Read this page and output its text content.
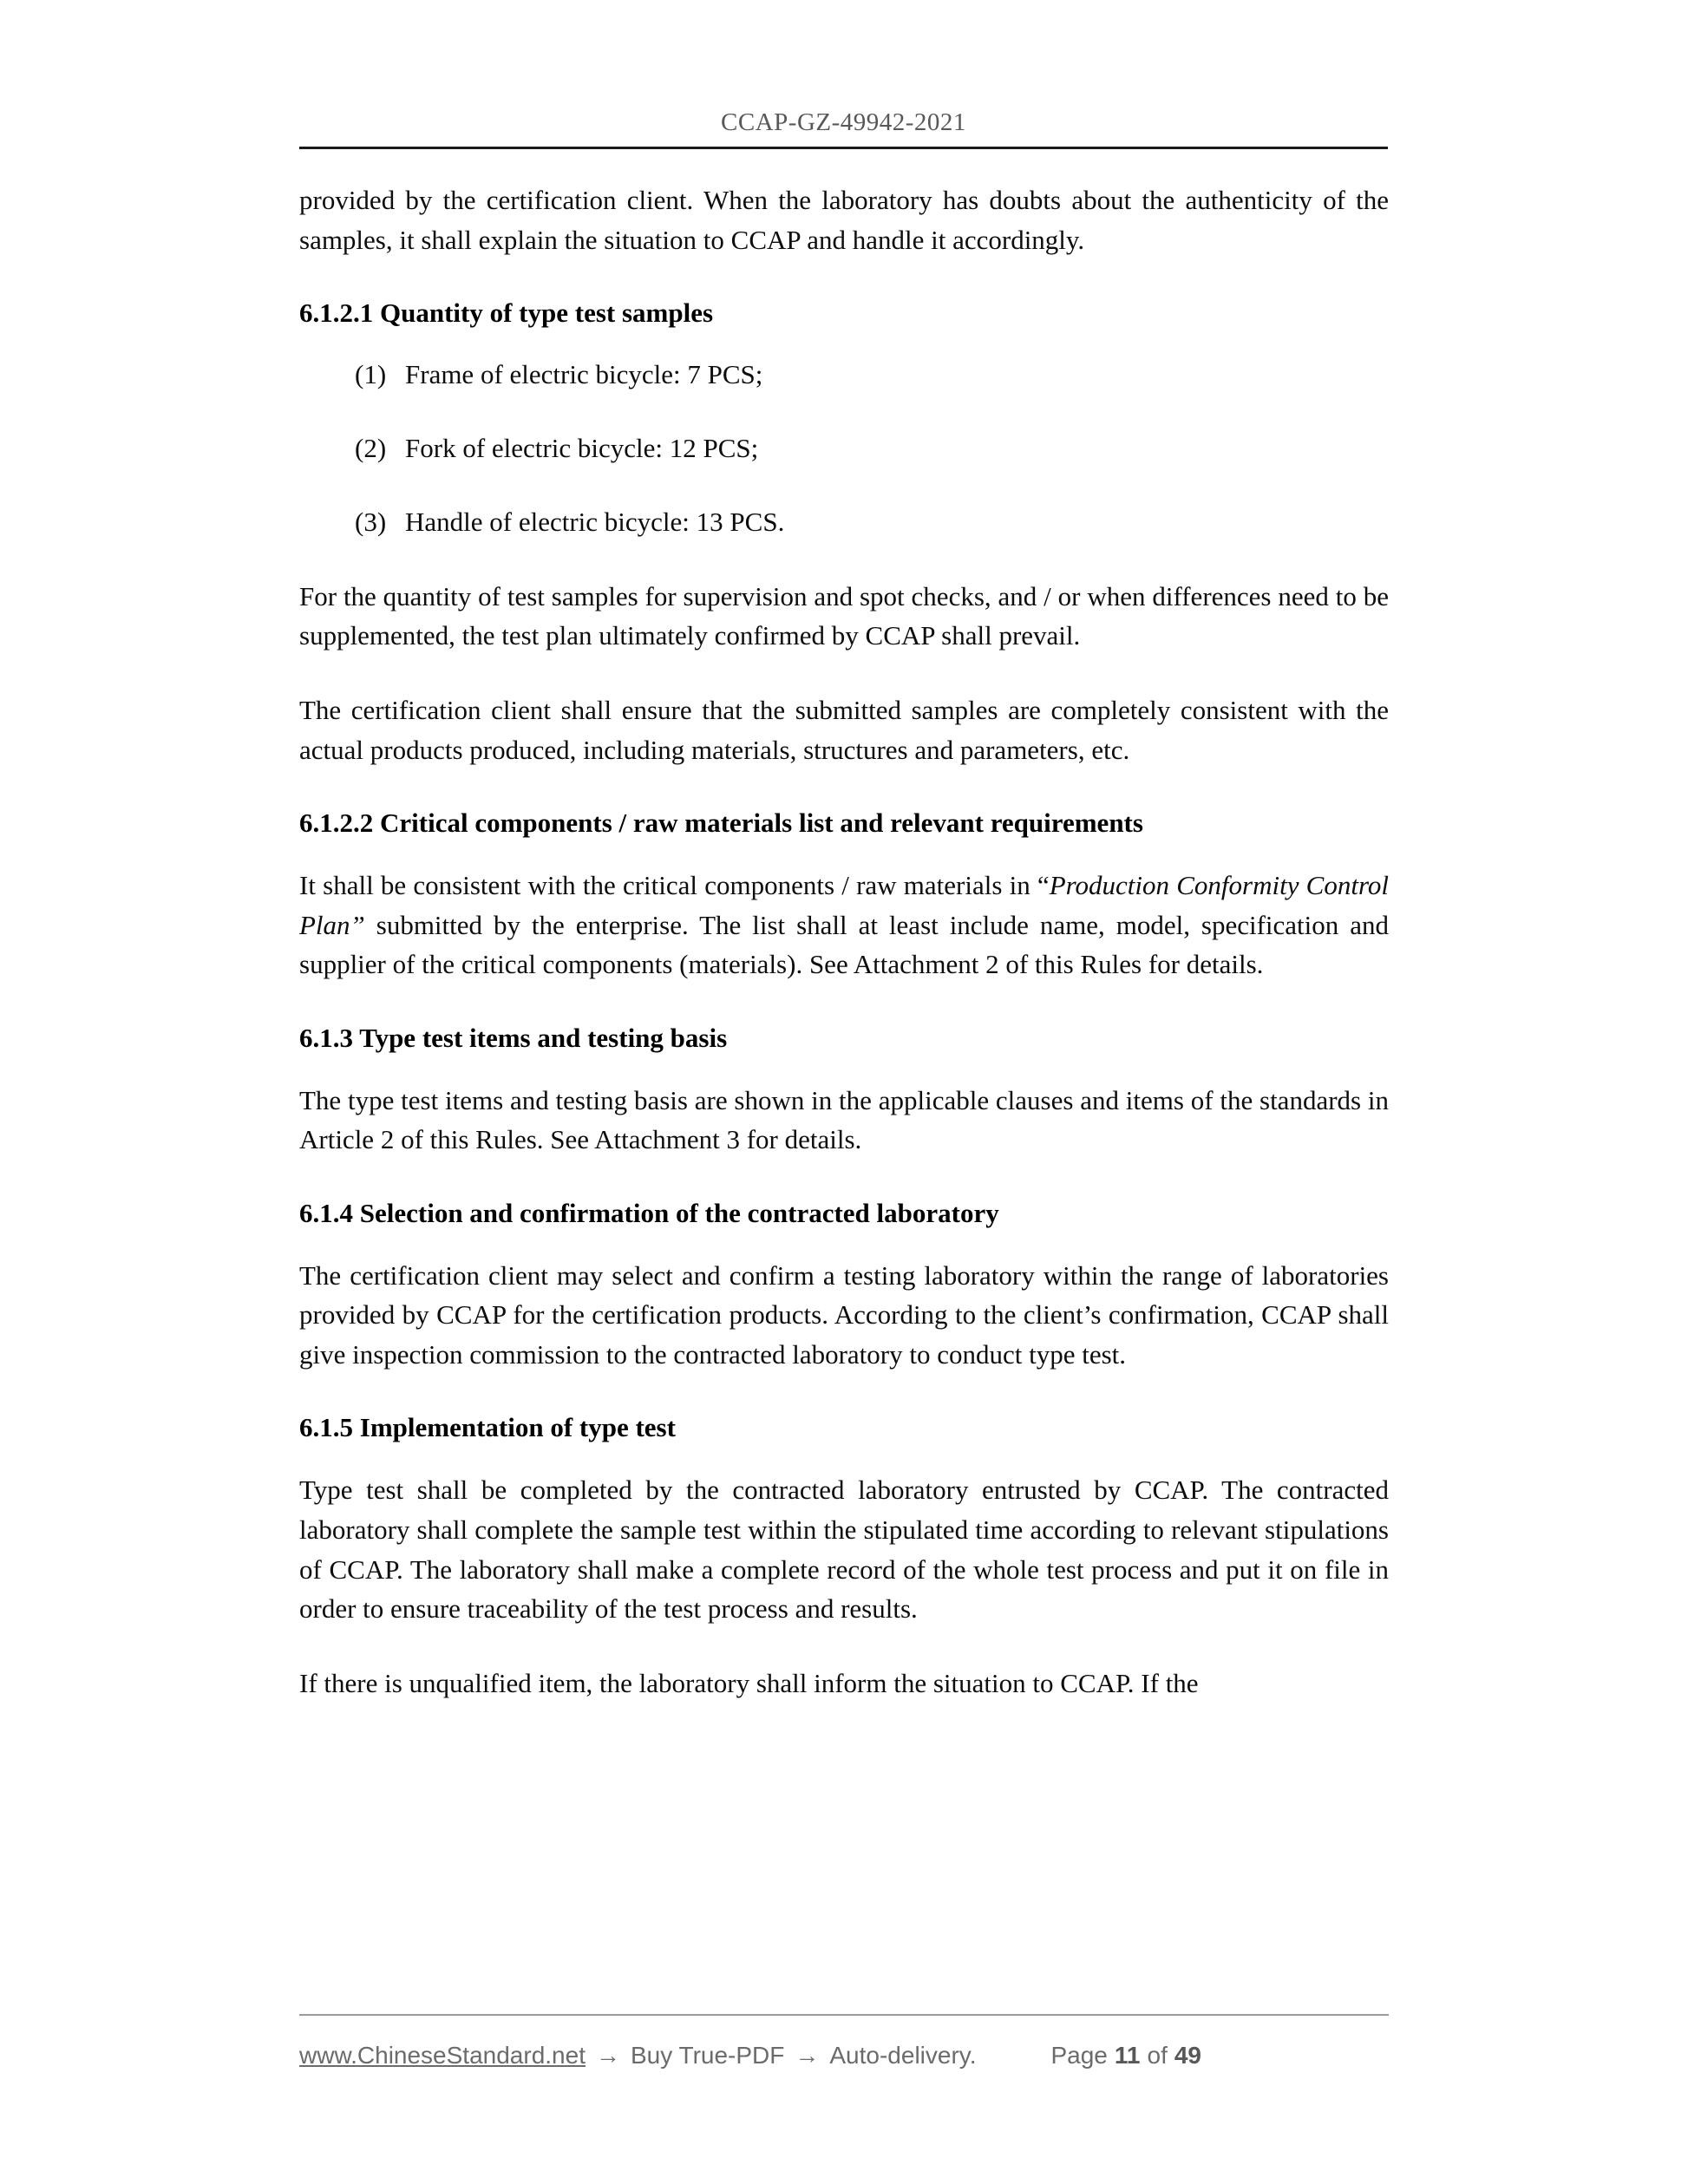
CCAP-GZ-49942-2021

provided by the certification client. When the laboratory has doubts about the authenticity of the samples, it shall explain the situation to CCAP and handle it accordingly.

6.1.2.1 Quantity of type test samples
(1) Frame of electric bicycle: 7 PCS;
(2) Fork of electric bicycle: 12 PCS;
(3) Handle of electric bicycle: 13 PCS.

For the quantity of test samples for supervision and spot checks, and / or when differences need to be supplemented, the test plan ultimately confirmed by CCAP shall prevail.

The certification client shall ensure that the submitted samples are completely consistent with the actual products produced, including materials, structures and parameters, etc.

6.1.2.2 Critical components / raw materials list and relevant requirements

It shall be consistent with the critical components / raw materials in “Production Conformity Control Plan” submitted by the enterprise. The list shall at least include name, model, specification and supplier of the critical components (materials). See Attachment 2 of this Rules for details.

6.1.3 Type test items and testing basis

The type test items and testing basis are shown in the applicable clauses and items of the standards in Article 2 of this Rules. See Attachment 3 for details.

6.1.4 Selection and confirmation of the contracted laboratory

The certification client may select and confirm a testing laboratory within the range of laboratories provided by CCAP for the certification products. According to the client’s confirmation, CCAP shall give inspection commission to the contracted laboratory to conduct type test.

6.1.5 Implementation of type test

Type test shall be completed by the contracted laboratory entrusted by CCAP. The contracted laboratory shall complete the sample test within the stipulated time according to relevant stipulations of CCAP. The laboratory shall make a complete record of the whole test process and put it on file in order to ensure traceability of the test process and results.

If there is unqualified item, the laboratory shall inform the situation to CCAP. If the

www.ChineseStandard.net → Buy True-PDF → Auto-delivery.	Page 11 of 49
